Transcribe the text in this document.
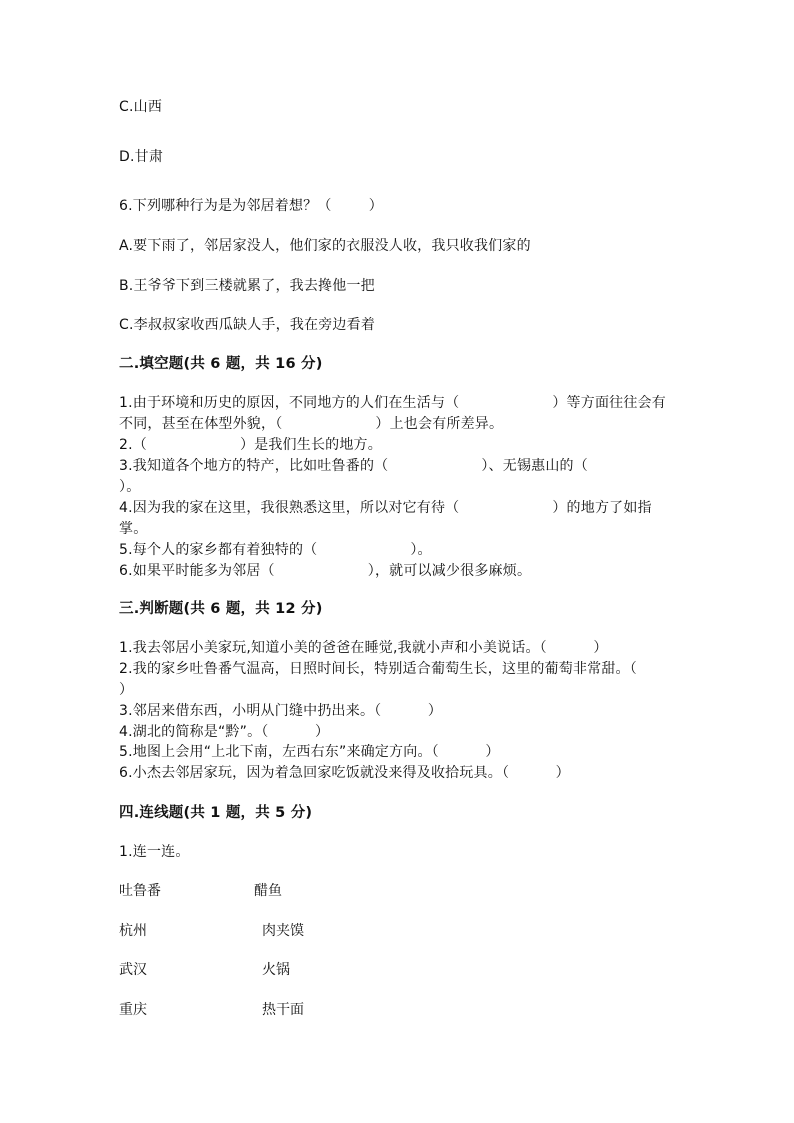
C.山西
D.甘肃
6.下列哪种行为是为邻居着想？（        ）
A.要下雨了，邻居家没人，他们家的衣服没人收，我只收我们家的
B.王爷爷下到三楼就累了，我去搀他一把
C.李叔叔家收西瓜缺人手，我在旁边看着
二.填空题(共 6 题，共 16 分)
1.由于环境和历史的原因，不同地方的人们在生活与（                    ）等方面往往会有不同，甚至在体型外貌，（                    ）上也会有所差异。
2.（                    ）是我们生长的地方。
3.我知道各个地方的特产，比如吐鲁番的（                    ）、无锡惠山的（                    ）。
4.因为我的家在这里，我很熟悉这里，所以对它有待（                    ）的地方了如指掌。
5.每个人的家乡都有着独特的（                    ）。
6.如果平时能多为邻居（                    ），就可以减少很多麻烦。
三.判断题(共 6 题，共 12 分)
1.我去邻居小美家玩,知道小美的爸爸在睡觉,我就小声和小美说话。（          ）
2.我的家乡吐鲁番气温高，日照时间长，特别适合葡萄生长，这里的葡萄非常甜。（          ）
3.邻居来借东西，小明从门缝中扔出来。（          ）
4.湖北的简称是“黔”。（          ）
5.地图上会用“上北下南，左西右东”来确定方向。（          ）
6.小杰去邻居家玩，因为着急回家吃饭就没来得及收拾玩具。（          ）
四.连线题(共 1 题，共 5 分)
1.连一连。
吐鲁番	醋鱼
杭州	肉夹馍
武汉	火锅
重庆	热干面
